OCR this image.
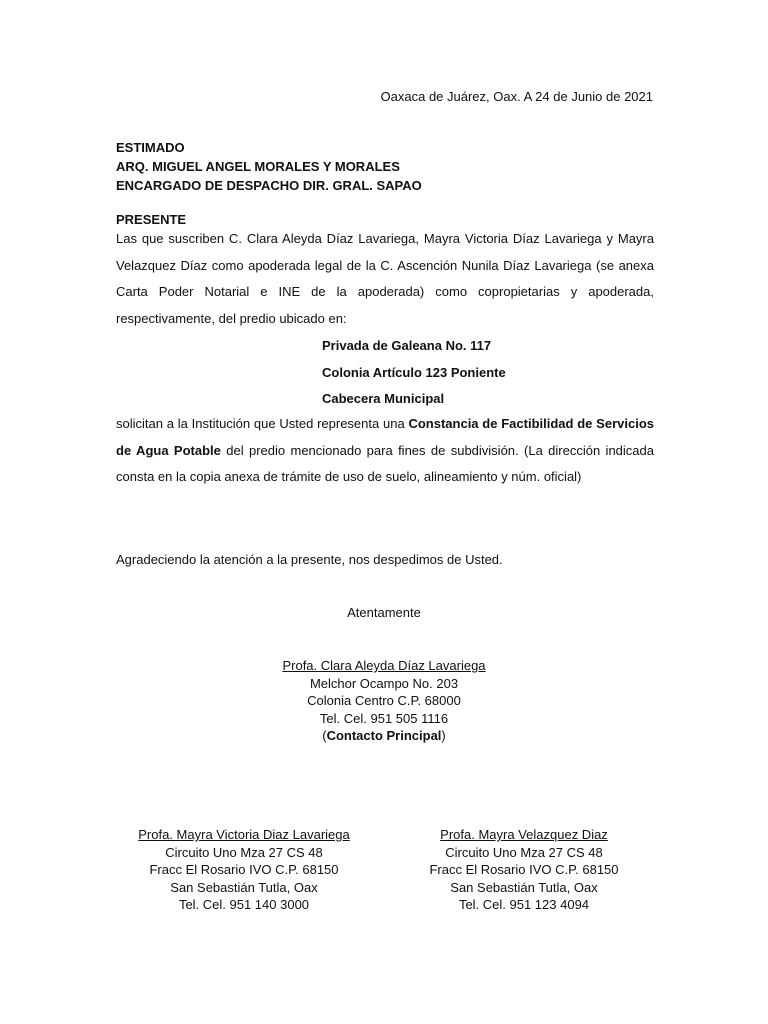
Oaxaca de Juárez, Oax. A 24 de Junio de 2021
ESTIMADO
ARQ. MIGUEL ANGEL MORALES Y MORALES
ENCARGADO DE DESPACHO DIR. GRAL. SAPAO
PRESENTE
Las que suscriben C. Clara Aleyda Díaz Lavariega, Mayra Victoria Díaz Lavariega y Mayra Velazquez Díaz como apoderada legal de la C. Ascención Nunila Díaz Lavariega (se anexa Carta Poder Notarial e INE de la apoderada) como copropietarias y apoderada, respectivamente, del predio ubicado en:
Privada de Galeana No. 117
Colonia Artículo 123 Poniente
Cabecera Municipal
solicitan a la Institución que Usted representa una Constancia de Factibilidad de Servicios de Agua Potable del predio mencionado para fines de subdivisión. (La dirección indicada consta en la copia anexa de trámite de uso de suelo, alineamiento y núm. oficial)
Agradeciendo la atención a la presente, nos despedimos de Usted.
Atentamente
Profa. Clara Aleyda Díaz Lavariega
Melchor Ocampo No. 203
Colonia Centro C.P. 68000
Tel. Cel. 951 505 1116
(Contacto Principal)
Profa. Mayra Victoria Diaz Lavariega
Circuito Uno Mza 27 CS 48
Fracc El Rosario IVO C.P. 68150
San Sebastián Tutla, Oax
Tel. Cel. 951 140 3000
Profa. Mayra Velazquez Diaz
Circuito Uno Mza 27 CS 48
Fracc El Rosario IVO C.P. 68150
San Sebastián Tutla, Oax
Tel. Cel. 951 123 4094
